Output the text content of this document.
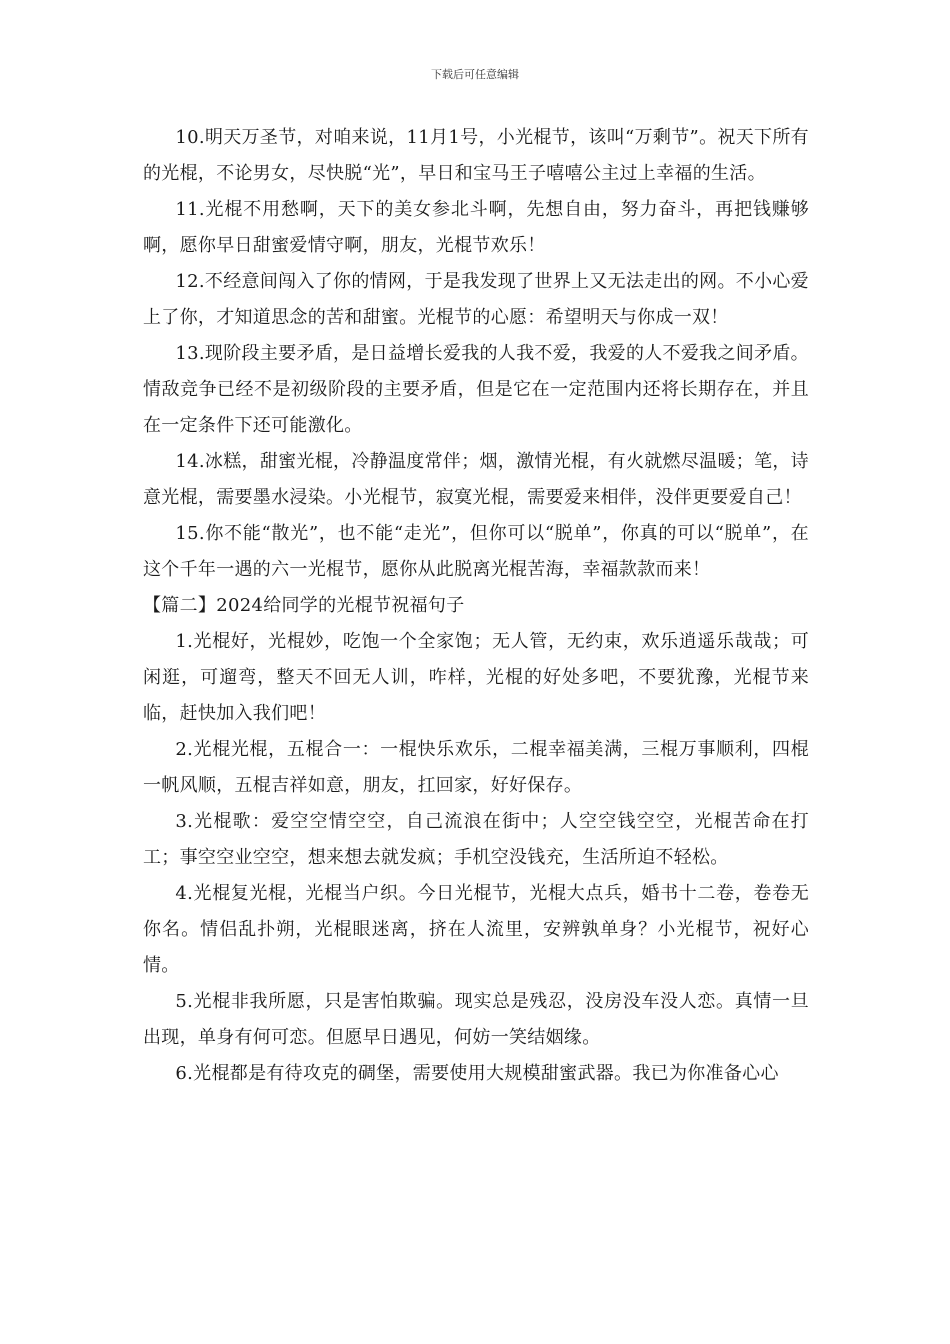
下载后可任意编辑

10.明天万圣节，对咱来说，11月1号，小光棍节，该叫“万剩节”。祝天下所有的光棍，不论男女，尽快脱“光”，早日和宝马王子嘻嘻公主过上幸福的生活。

11.光棍不用愁啊，天下的美女参北斗啊，先想自由，努力奋斗，再把钱赚够啊，愿你早日甜蜜爱情守啊，朋友，光棍节欢乐！

12.不经意间闯入了你的情网，于是我发现了世界上又无法走出的网。不小心爱上了你，才知道思念的苦和甜蜜。光棍节的心愿：希望明天与你成一双！

13.现阶段主要矛盾，是日益增长爱我的人我不爱，我爱的人不爱我之间矛盾。情敌竞争已经不是初级阶段的主要矛盾，但是它在一定范围内还将长期存在，并且在一定条件下还可能激化。

14.冰糕，甜蜜光棍，冷静温度常伴；烟，激情光棍，有火就燃尽温暖；笔，诗意光棍，需要墨水浸染。小光棍节，寂寞光棍，需要爱来相伴，没伴更要爱自己！

15.你不能“散光”，也不能“走光”，但你可以“脱单”，你真的可以“脱单”，在这个千年一遇的六一光棍节，愿你从此脱离光棍苦海，幸福款款而来！

【篇二】2024给同学的光棍节祝福句子

1.光棍好，光棍妙，吃饱一个全家饱；无人管，无约束，欢乐逍遥乐哉哉；可闲逛，可遛弯，整天不回无人训，咋样，光棍的好处多吧，不要犹豫，光棍节来临，赶快加入我们吧！

2.光棍光棍，五棍合一：一棍快乐欢乐，二棍幸福美满，三棍万事顺利，四棍一帆风顺，五棍吉祥如意，朋友，扛回家，好好保存。

3.光棍歌：爱空空情空空，自己流浪在街中；人空空钱空空，光棍苦命在打工；事空空业空空，想来想去就发疯；手机空没钱充，生活所迫不轻松。

4.光棍复光棍，光棍当户织。今日光棍节，光棍大点兵，婚书十二卷，卷卷无你名。情侣乱扑朔，光棍眼迷离，挤在人流里，安辨孰单身？小光棍节，祝好心情。

5.光棍非我所愿，只是害怕欺骗。现实总是残忍，没房没车没人恋。真情一旦出现，单身有何可恋。但愿早日遇见，何妨一笑结姻缘。

6.光棍都是有待攻克的碉堡，需要使用大规模甜蜜武器。我已为你准备心心
